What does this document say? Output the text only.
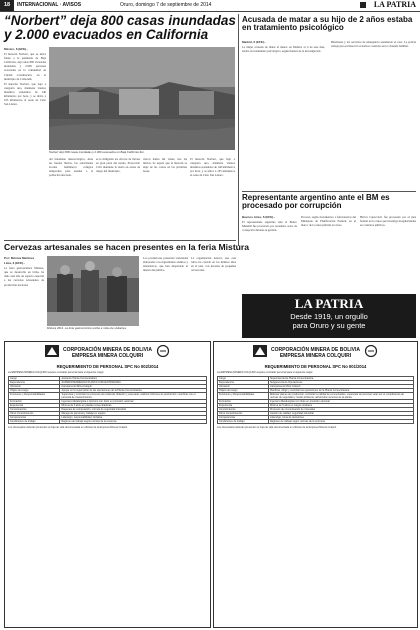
18	INTERNACIONAL · AVISOS	Oruro, domingo 7 de septiembre de 2014	LA PATRIA
“Norbert” deja 800 casas inundadas y 2.000 evacuados en California

México, 6 (EFE).-

El huracán Norbert, que se ubica frente a la península de Baja California, dejó unas 800 viviendas inundadas y 2.000 personas evacuadas en la comunidad de Ciudad Constitución, en el municipio de Comondú.

El huracán Norbert, que bajó a categoría uno, mantiene vientos máximos sostenidos de 140 kilómetros por hora, y se ubica a 105 kilómetros al oeste de Cabo San Lázaro.

Norbert dejó 800 casas inundadas y 2.000 evacuados en Baja California Sur.
del fenómeno meteorológico. Ante las fuertes lluvias, las autoridades locales habilitaron refugios temporales para atender a la población afectada.
se le mitigarán los efectos de lluvias en gran parte del estado. Protección Civil mantiene la alerta en zonas de riesgo del municipio.
vieron daños del viento tras las lluvias. Se espera que el huracán se aleje de las costas en las próximas horas.
El huracán Norbert, que bajó a categoría uno, mantiene vientos máximos sostenidos de 140 kilómetros por hora, y se ubica a 105 kilómetros al oeste de Cabo San Lázaro.
Acusada de matar a su hijo de 2 años estaba en tratamiento psicológico

Madrid, 6 (EFE).-

La mujer acusada de matar al menor en Madrid, el 4 de este mes, estaba en tratamiento psicológico, según fuentes de la investigación.

Batallones y los servicios de emergencia atendieron el caso. La policía trabaja para esclarecer los hechos ocurridos en la vivienda familiar.
Representante argentino ante el BM es procesado por corrupción

Buenos Aires, 6 (EFE).-

El representante argentino ante el Banco Mundial fue procesado por presuntos actos de corrupción durante su gestión.

Procesó, según documentos, a funcionarios del Ministerio de Planificación Federal, en el marco de la causa judicial en curso.
Héctor Capaccioli, fue procesado por el juez federal en la causa que investiga irregularidades en contratos públicos.
Cervezas artesanales se hacen presentes en la feria Mistura

Por: Mónica Martínez

Lima, 6 (EFE).-

La feria gastronómica Mistura, que se desarrolla en Lima, ha dado este año un espacio especial a las cervezas artesanales de producción nacional.

Mistura 2014. La feria gastronómica recibe a miles de visitantes.
Los productores presentan variedades elaboradas con ingredientes andinos y amazónicos, que han despertado el interés del público.
La organización destacó que este rubro ha crecido en los últimos años en el país, con decenas de pequeñas cervecerías.
LA PATRIA
Desde 1919, un orgullo
para Oruro y su gente
CORPORACIÓN MINERA DE BOLIVIA
EMPRESA MINERA COLQUIRI
REQUERIMIENTO DE PERSONAL SPC No 002/2014
La EMPRESA MINERA COLQUIRI requiere contratar personal para el siguiente cargo:
Cargo	Asistente Planta Concentradora
Dependencia	SUPERINTENDENCIA PLANTA CONCENTRADORA
Ubicación	Campamento Mina Colquiri
Objeto del cargo	Apoyar en la supervisión de las operaciones de la Planta Concentradora
Funciones y Responsabilidades	Supervisar y controlar los procesos de molienda, flotación y espesado; elaborar informes de producción; coordinar con el personal de mantenimiento.
Formación	Ingeniero Metalurgista o Químico con título en provisión nacional
Experiencia	Mínima de 3 años en plantas concentradoras
Conocimientos	Paquetes de computación, normas de seguridad industrial
Otros Conocimientos	Manejo de personal y trabajo en equipo
Competencias	Liderazgo, responsabilidad, iniciativa
Condiciones de trabajo	Régimen de trabajo según normas de la empresa
Los interesados deberán presentar su hoja de vida documentada en oficinas de la Empresa Minera Colquiri.
CORPORACIÓN MINERA DE BOLIVIA
EMPRESA MINERA COLQUIRI
REQUERIMIENTO DE PERSONAL SPC No 001/2014
La EMPRESA MINERA COLQUIRI requiere contratar personal para el siguiente cargo:
Cargo	Superintendente Planta Concentradora
Dependencia	Subgerencia de Operaciones
Ubicación	Campamento Mina Colquiri
Objeto del cargo	Planificar, dirigir y controlar las operaciones de la Planta Concentradora
Funciones y Responsabilidades	Elaborar planes de producción; controlar la calidad de concentrados; supervisar al personal; velar por el cumplimiento de normas de seguridad y medio ambiente; administrar recursos de la planta.
Formación	Ingeniero Metalurgista con título en provisión nacional
Experiencia	Mínima de 5 años en cargos similares
Conocimientos	Procesos de concentración de minerales
Otros Conocimientos	Gestión de calidad, seguridad industrial
Competencias	Liderazgo, toma de decisiones
Condiciones de trabajo	Régimen de trabajo según normas de la empresa
Los interesados deberán presentar su hoja de vida documentada en oficinas de la Empresa Minera Colquiri.
